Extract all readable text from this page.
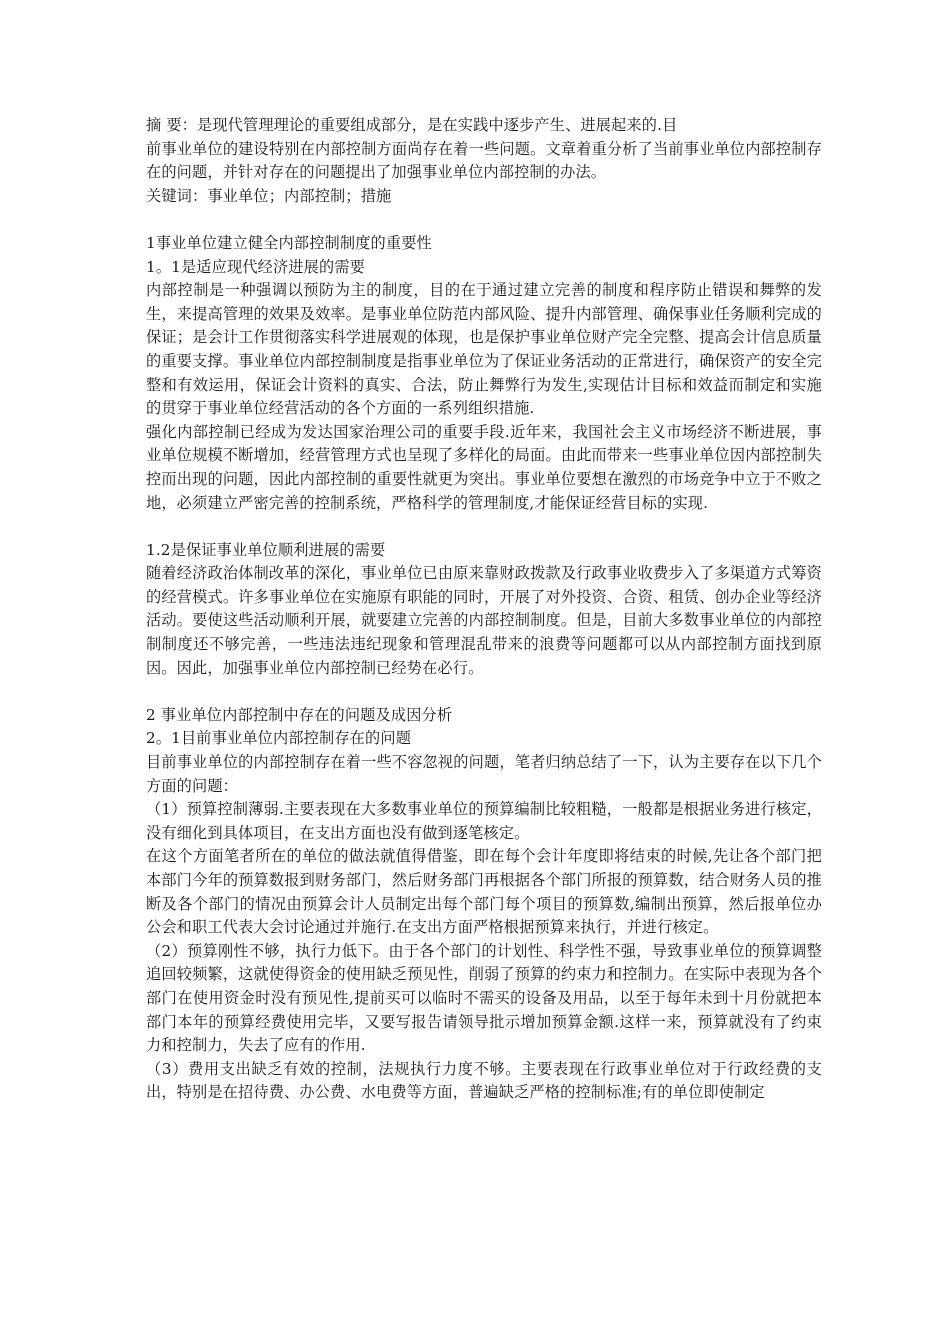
摘 要：是现代管理理论的重要组成部分，是在实践中逐步产生、进展起来的.目

前事业单位的建设特别在内部控制方面尚存在着一些问题。文章着重分析了当前事业单位内部控制存在的问题，并针对存在的问题提出了加强事业单位内部控制的办法。

关键词：事业单位；内部控制；措施

1事业单位建立健全内部控制制度的重要性

1。1是适应现代经济进展的需要

内部控制是一种强调以预防为主的制度，目的在于通过建立完善的制度和程序防止错误和舞弊的发生，来提高管理的效果及效率。是事业单位防范内部风险、提升内部管理、确保事业任务顺利完成的保证；是会计工作贯彻落实科学进展观的体现，也是保护事业单位财产完全完整、提高会计信息质量的重要支撑。事业单位内部控制制度是指事业单位为了保证业务活动的正常进行，确保资产的安全完整和有效运用，保证会计资料的真实、合法，防止舞弊行为发生,实现估计目标和效益而制定和实施的贯穿于事业单位经营活动的各个方面的一系列组织措施.

强化内部控制已经成为发达国家治理公司的重要手段.近年来，我国社会主义市场经济不断进展，事业单位规模不断增加，经营管理方式也呈现了多样化的局面。由此而带来一些事业单位因内部控制失控而出现的问题，因此内部控制的重要性就更为突出。事业单位要想在激烈的市场竞争中立于不败之地，必须建立严密完善的控制系统，严格科学的管理制度,才能保证经营目标的实现.

1.2是保证事业单位顺利进展的需要

随着经济政治体制改革的深化，事业单位已由原来靠财政拨款及行政事业收费步入了多渠道方式筹资的经营模式。许多事业单位在实施原有职能的同时，开展了对外投资、合资、租赁、创办企业等经济活动。要使这些活动顺利开展，就要建立完善的内部控制制度。但是，目前大多数事业单位的内部控制制度还不够完善，一些违法违纪现象和管理混乱带来的浪费等问题都可以从内部控制方面找到原因。因此，加强事业单位内部控制已经势在必行。

2 事业单位内部控制中存在的问题及成因分析

2。1目前事业单位内部控制存在的问题

目前事业单位的内部控制存在着一些不容忽视的问题，笔者归纳总结了一下，认为主要存在以下几个方面的问题：

（1）预算控制薄弱.主要表现在大多数事业单位的预算编制比较粗糙，一般都是根据业务进行核定，没有细化到具体项目，在支出方面也没有做到逐笔核定。

在这个方面笔者所在的单位的做法就值得借鉴，即在每个会计年度即将结束的时候,先让各个部门把本部门今年的预算数报到财务部门，然后财务部门再根据各个部门所报的预算数，结合财务人员的推断及各个部门的情况由预算会计人员制定出每个部门每个项目的预算数,编制出预算，然后报单位办公会和职工代表大会讨论通过并施行.在支出方面严格根据预算来执行，并进行核定。

（2）预算刚性不够，执行力低下。由于各个部门的计划性、科学性不强，导致事业单位的预算调整追回较频繁，这就使得资金的使用缺乏预见性，削弱了预算的约束力和控制力。在实际中表现为各个部门在使用资金时没有预见性,提前买可以临时不需买的设备及用品，以至于每年未到十月份就把本部门本年的预算经费使用完毕，又要写报告请领导批示增加预算金额.这样一来，预算就没有了约束力和控制力，失去了应有的作用.

（3）费用支出缺乏有效的控制，法规执行力度不够。主要表现在行政事业单位对于行政经费的支出，特别是在招待费、办公费、水电费等方面，普遍缺乏严格的控制标准;有的单位即使制定
